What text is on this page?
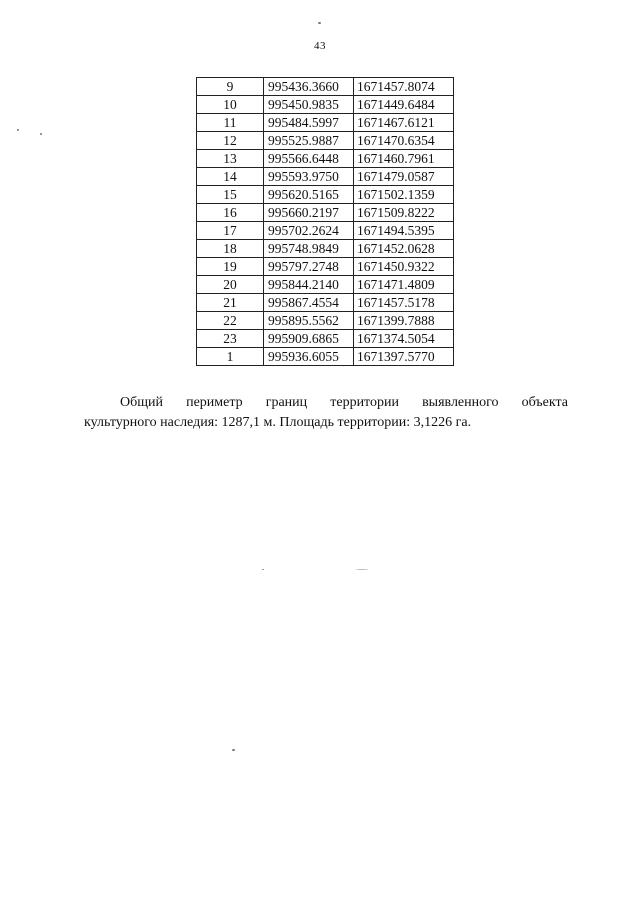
43
9	995436.3660	1671457.8074
10	995450.9835	1671449.6484
11	995484.5997	1671467.6121
12	995525.9887	1671470.6354
13	995566.6448	1671460.7961
14	995593.9750	1671479.0587
15	995620.5165	1671502.1359
16	995660.2197	1671509.8222
17	995702.2624	1671494.5395
18	995748.9849	1671452.0628
19	995797.2748	1671450.9322
20	995844.2140	1671471.4809
21	995867.4554	1671457.5178
22	995895.5562	1671399.7888
23	995909.6865	1671374.5054
1	995936.6055	1671397.5770
Общий периметр границ территории выявленного объекта
культурного наследия: 1287,1 м. Площадь территории: 3,1226 га.
